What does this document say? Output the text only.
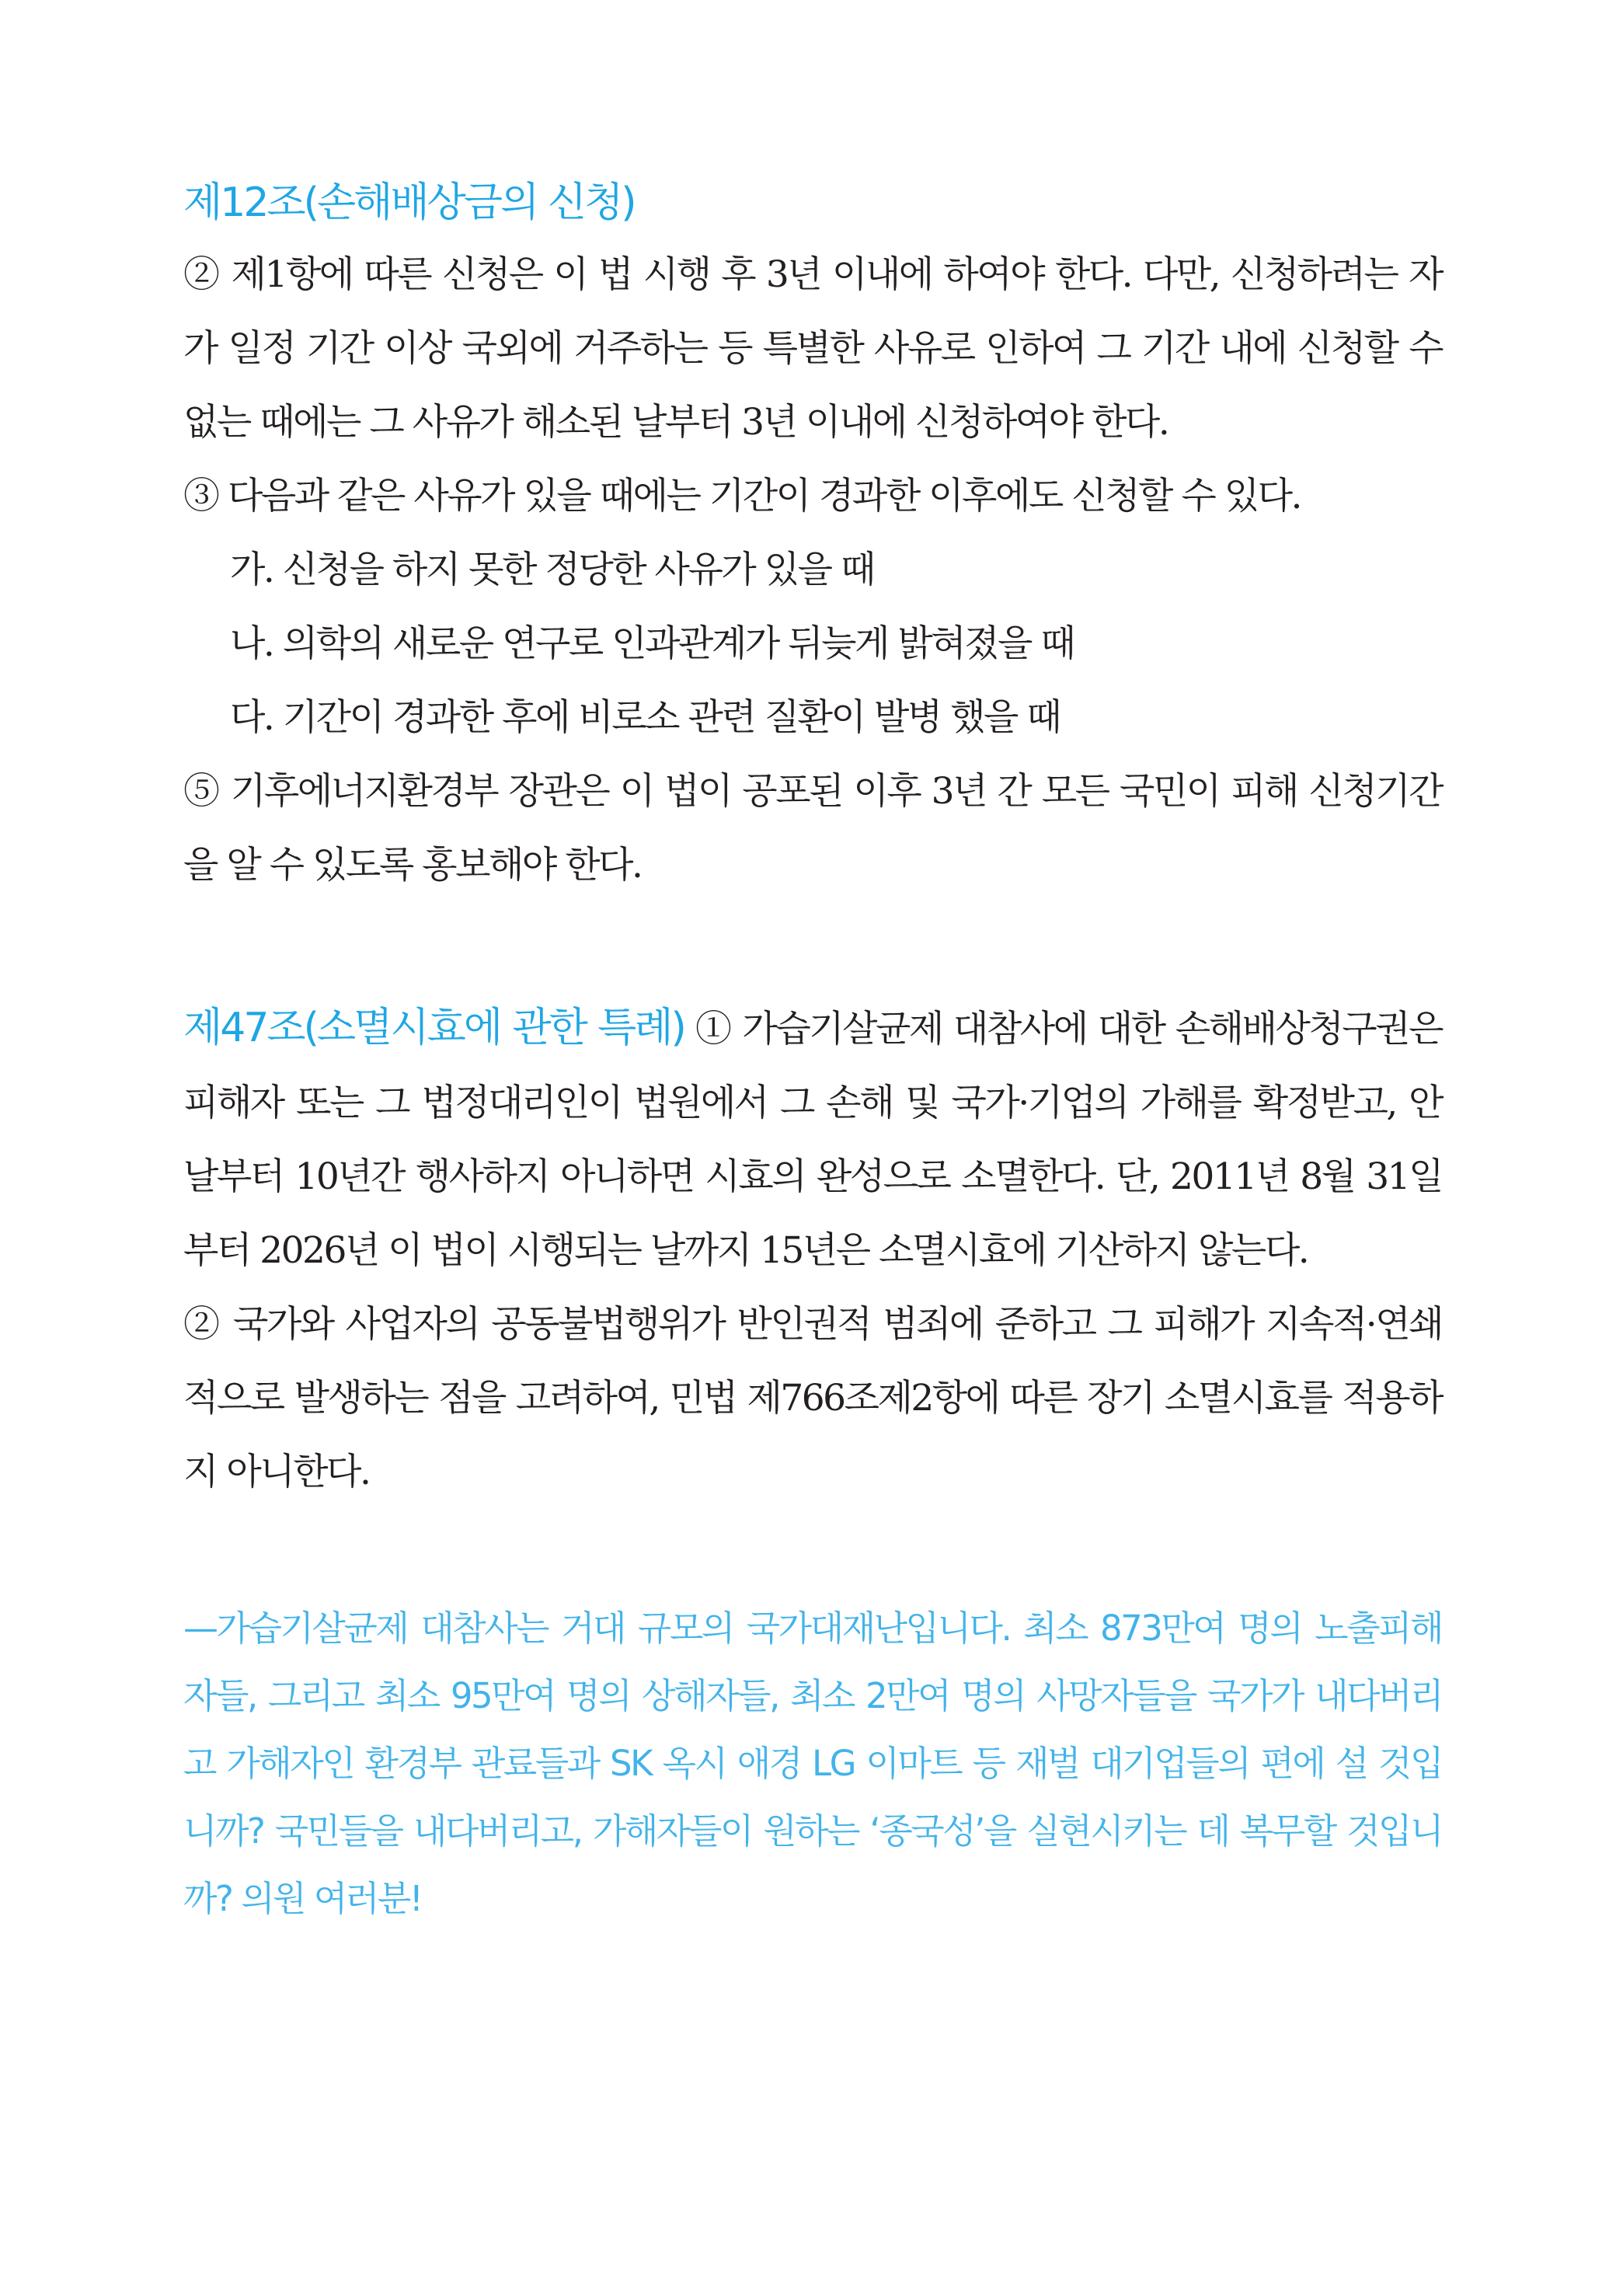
제12조(손해배상금의 신청)

② 제1항에 따른 신청은 이 법 시행 후 3년 이내에 하여야 한다. 다만, 신청하려는 자가 일정 기간 이상 국외에 거주하는 등 특별한 사유로 인하여 그 기간 내에 신청할 수 없는 때에는 그 사유가 해소된 날부터 3년 이내에 신청하여야 한다.

③ 다음과 같은 사유가 있을 때에는 기간이 경과한 이후에도 신청할 수 있다.

가. 신청을 하지 못한 정당한 사유가 있을 때

나. 의학의 새로운 연구로 인과관계가 뒤늦게 밝혀졌을 때

다. 기간이 경과한 후에 비로소 관련 질환이 발병 했을 때

⑤ 기후에너지환경부 장관은 이 법이 공포된 이후 3년 간 모든 국민이 피해 신청기간을 알 수 있도록 홍보해야 한다.

제47조(소멸시효에 관한 특례) ① 가습기살균제 대참사에 대한 손해배상청구권은 피해자 또는 그 법정대리인이 법원에서 그 손해 및 국가·기업의 가해를 확정받고, 안 날부터 10년간 행사하지 아니하면 시효의 완성으로 소멸한다. 단, 2011년 8월 31일부터 2026년 이 법이 시행되는 날까지 15년은 소멸시효에 기산하지 않는다.

② 국가와 사업자의 공동불법행위가 반인권적 범죄에 준하고 그 피해가 지속적·연쇄적으로 발생하는 점을 고려하여, 민법 제766조제2항에 따른 장기 소멸시효를 적용하지 아니한다.

—가습기살균제 대참사는 거대 규모의 국가대재난입니다. 최소 873만여 명의 노출피해자들, 그리고 최소 95만여 명의 상해자들, 최소 2만여 명의 사망자들을 국가가 내다버리고 가해자인 환경부 관료들과 SK 옥시 애경 LG 이마트 등 재벌 대기업들의 편에 설 것입니까? 국민들을 내다버리고, 가해자들이 원하는 ‘종국성’을 실현시키는 데 복무할 것입니까? 의원 여러분!
